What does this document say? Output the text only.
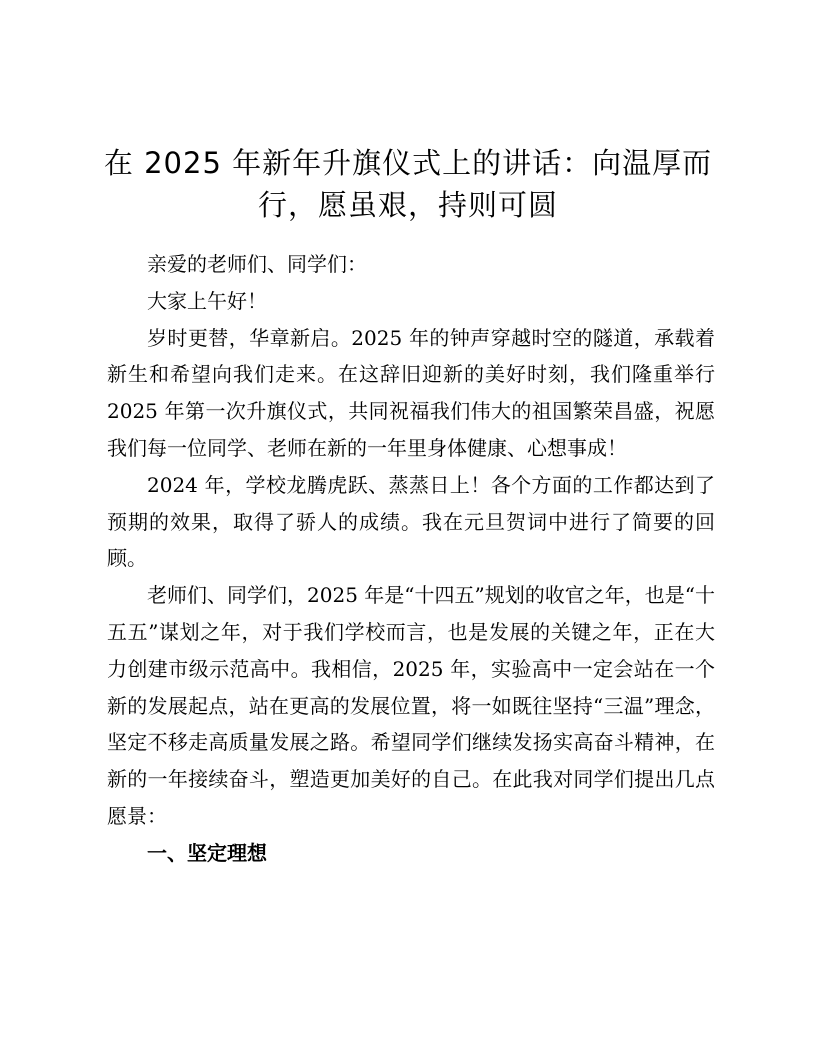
在 2025 年新年升旗仪式上的讲话：向温厚而行，愿虽艰，持则可圆

亲爱的老师们、同学们：

大家上午好！

岁时更替，华章新启。2025 年的钟声穿越时空的隧道，承载着新生和希望向我们走来。在这辞旧迎新的美好时刻，我们隆重举行 2025 年第一次升旗仪式，共同祝福我们伟大的祖国繁荣昌盛，祝愿我们每一位同学、老师在新的一年里身体健康、心想事成！

2024 年，学校龙腾虎跃、蒸蒸日上！各个方面的工作都达到了预期的效果，取得了骄人的成绩。我在元旦贺词中进行了简要的回顾。

老师们、同学们，2025 年是“十四五”规划的收官之年，也是“十五五”谋划之年，对于我们学校而言，也是发展的关键之年，正在大力创建市级示范高中。我相信，2025 年，实验高中一定会站在一个新的发展起点，站在更高的发展位置，将一如既往坚持“三温”理念，坚定不移走高质量发展之路。希望同学们继续发扬实高奋斗精神，在新的一年接续奋斗，塑造更加美好的自己。在此我对同学们提出几点愿景：

一、坚定理想
